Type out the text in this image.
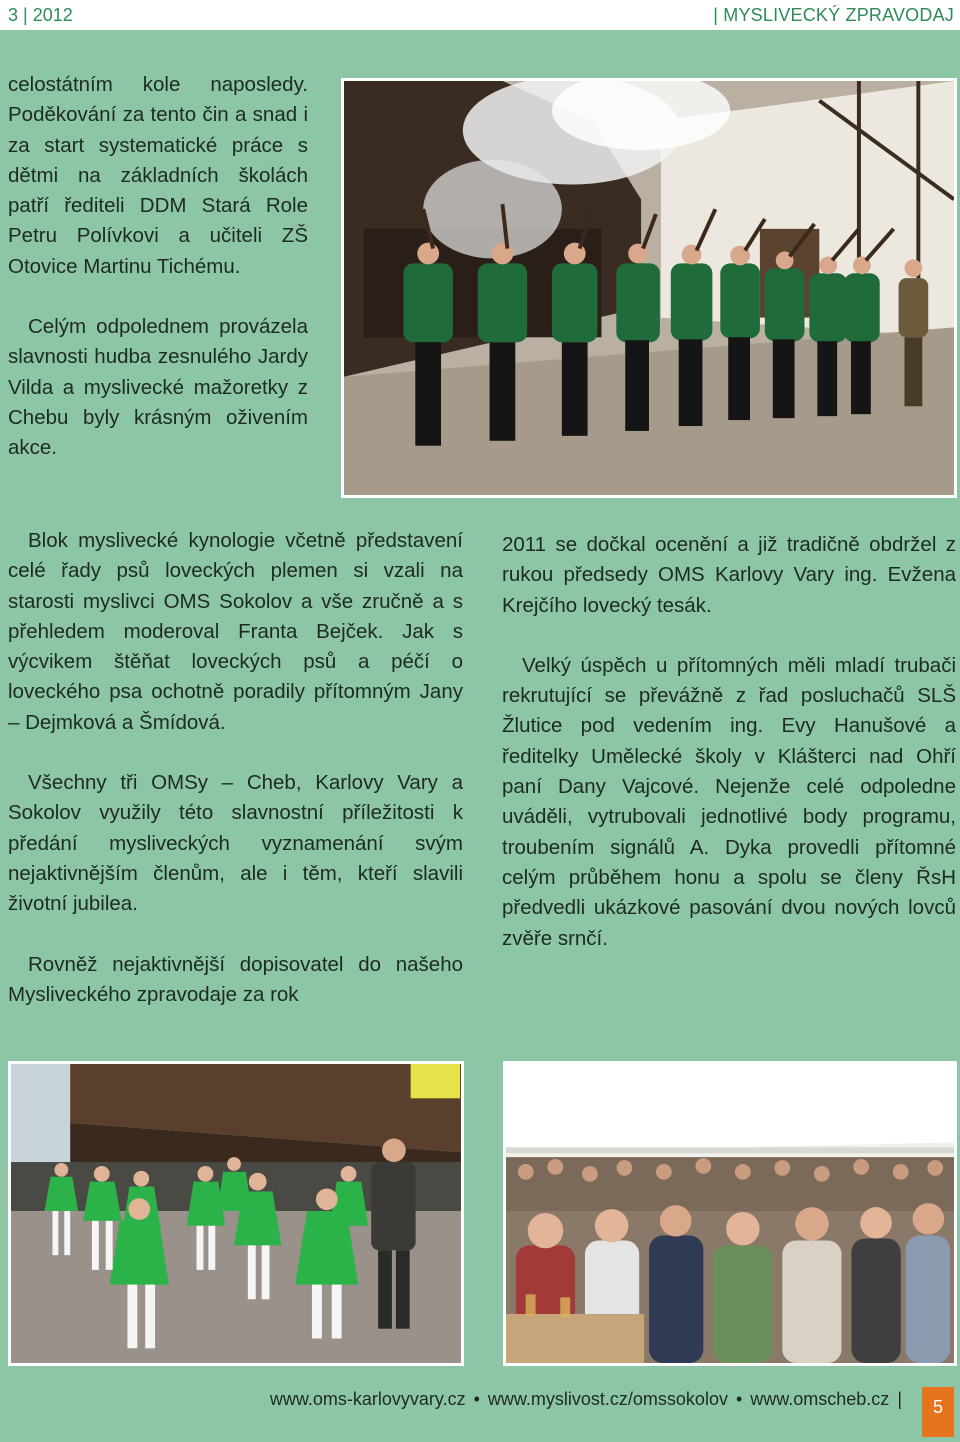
3 | 2012	| MYSLIVECKÝ ZPRAVODAJ

celostátním kole naposledy. Poděkování za tento čin a snad i za start systematické práce s dětmi na základních školách patří řediteli DDM Stará Role Petru Polívkovi a učiteli ZŠ Otovice Martinu Tichému.

Celým odpolednem provázela slavnosti hudba zesnulého Jardy Vilda a myslivecké mažoretky z Chebu byly krásným oživením akce.

Blok myslivecké kynologie včetně představení celé řady psů loveckých plemen si vzali na starosti myslivci OMS Sokolov a vše zručně a s přehledem moderoval Franta Bejček. Jak s výcvikem štěňat loveckých psů a péčí o loveckého psa ochotně poradily přítomným Jany – Dejmková a Šmídová.

Všechny tři OMSy – Cheb, Karlovy Vary a Sokolov využily této slavnostní příležitosti k předání mysliveckých vyznamenání svým nejaktivnějším členům, ale i těm, kteří slavili životní jubilea.

Rovněž nejaktivnější dopisovatel do našeho Mysliveckého zpravodaje za rok

2011 se dočkal ocenění a již tradičně obdržel z rukou předsedy OMS Karlovy Vary ing. Evžena Krejčího lovecký tesák.

Velký úspěch u přítomných měli mladí trubači rekrutující se převážně z řad posluchačů SLŠ Žlutice pod vedením ing. Evy Hanušové a ředitelky Umělecké školy v Klášterci nad Ohří paní Dany Vajcové. Nejenže celé odpoledne uváděli, vytrubovali jednotlivé body programu, troubením signálů A. Dyka provedli přítomné celým průběhem honu a spolu se členy ŘsH předvedli ukázkové pasování dvou nových lovců zvěře srnčí.

www.oms-karlovyvary.cz • www.myslivost.cz/omssokolov • www.omscheb.cz |	5
